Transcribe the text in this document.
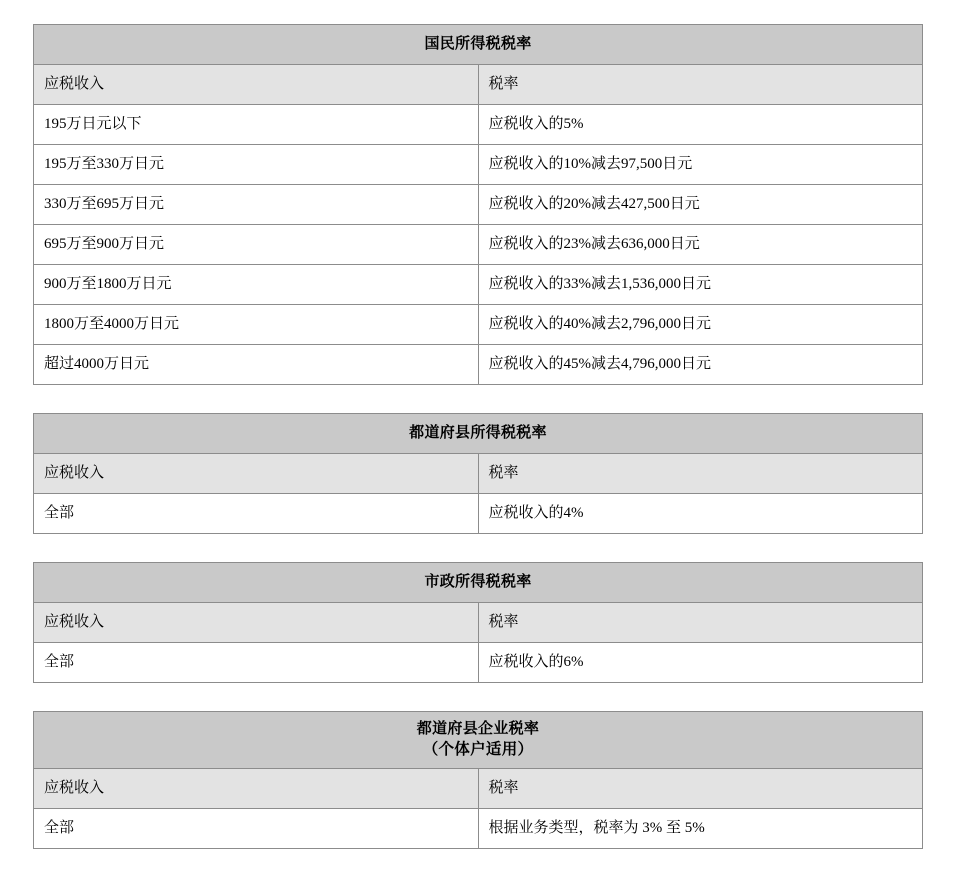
国民所得税税率	
应税收入	税率
195万日元以下	应税收入的5%
195万至330万日元	应税收入的10%减去97,500日元
330万至695万日元	应税收入的20%减去427,500日元
695万至900万日元	应税收入的23%减去636,000日元
900万至1800万日元	应税收入的33%减去1,536,000日元
1800万至4000万日元	应税收入的40%减去2,796,000日元
超过4000万日元	应税收入的45%减去4,796,000日元
都道府县所得税税率	
应税收入	税率
全部	应税收入的4%
市政所得税税率	
应税收入	税率
全部	应税收入的6%
都道府县企业税率
（个体户适用）	

应税收入	税率
全部	根据业务类型，税率为 3% 至 5%
